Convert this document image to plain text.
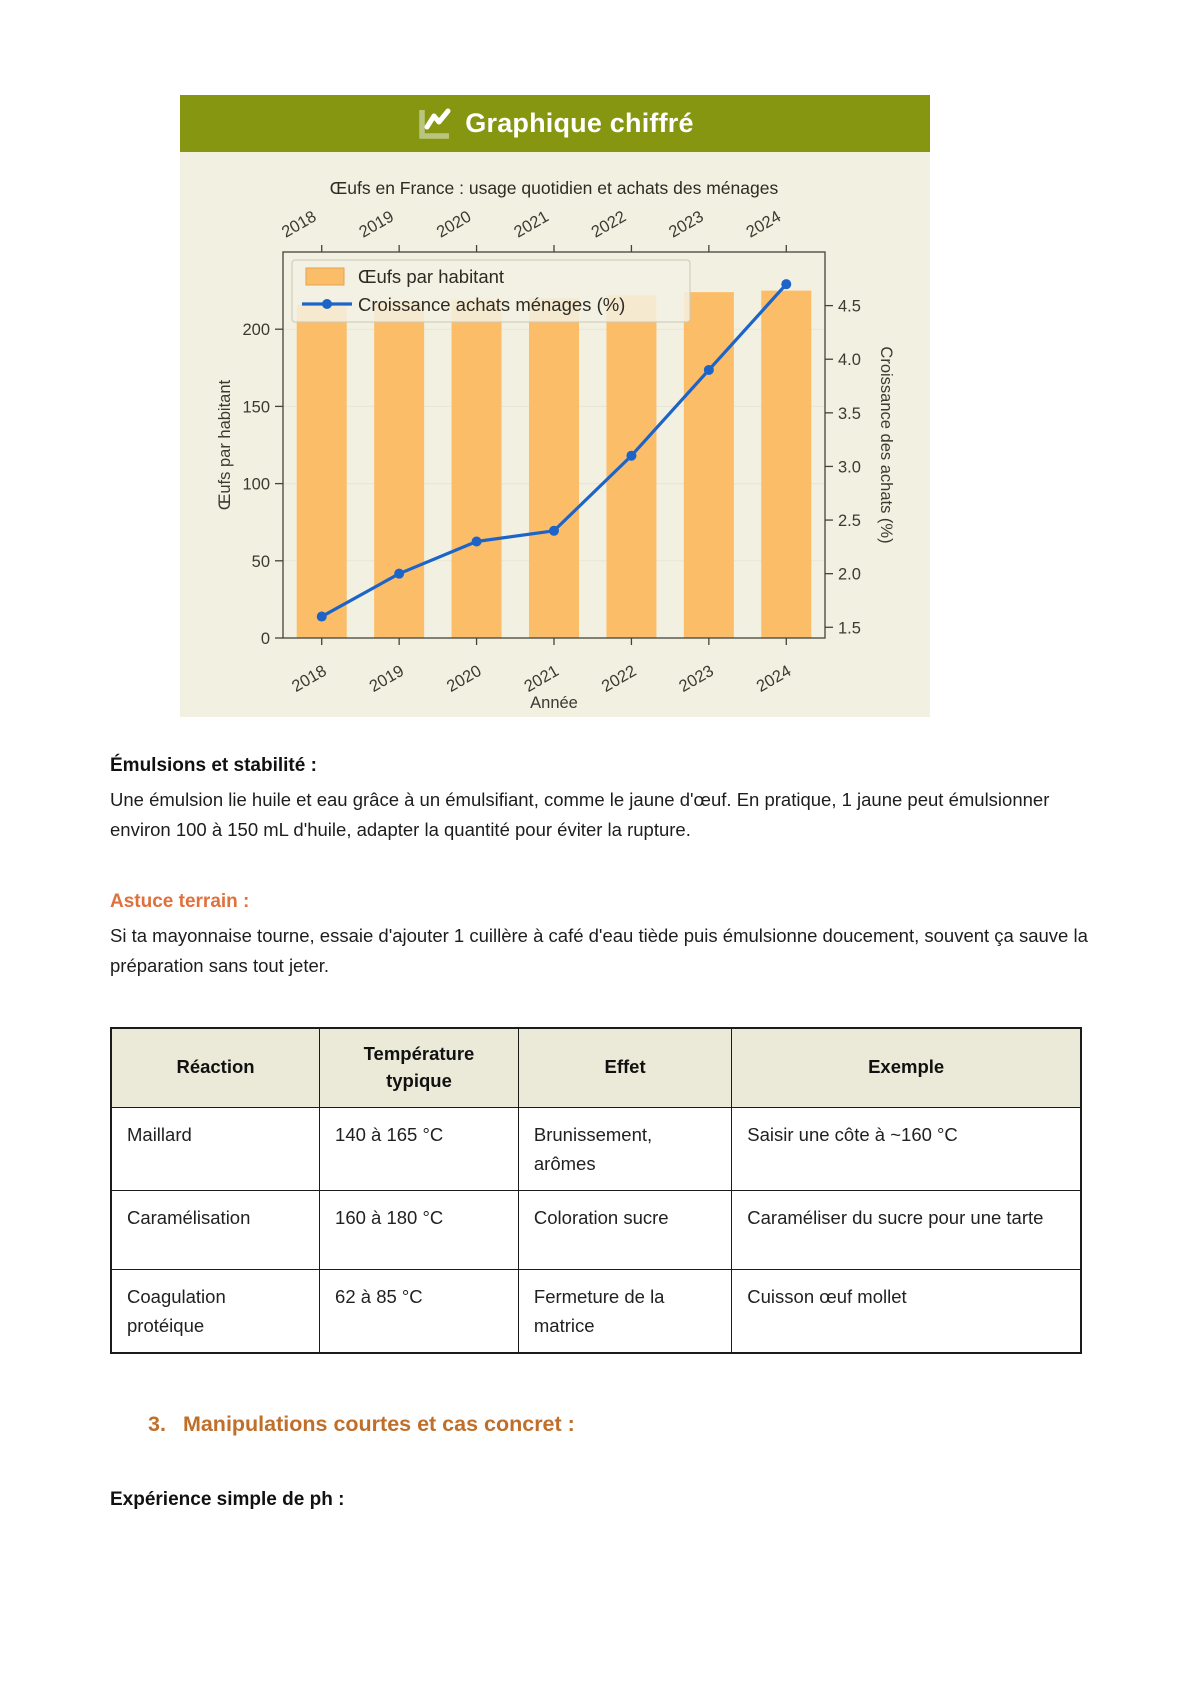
Graphique chiffré
Œufs en France : usage quotidien et achats des ménages
2018
2018
2019
2019
2020
2020
2021
2021
2022
2022
2023
2023
2024
2024
0
50
100
150
200
1.5
2.0
2.5
3.0
3.5
4.0
4.5
Œufs par habitant	Croissance des achats (%)
Année
Œufs par habitant
Croissance achats ménages (%)

Émulsions et stabilité :

Une émulsion lie huile et eau grâce à un émulsifiant, comme le jaune d'œuf. En pratique, 1 jaune peut émulsionner environ 100 à 150 mL d'huile, adapter la quantité pour éviter la rupture.

Astuce terrain :

Si ta mayonnaise tourne, essaie d'ajouter 1 cuillère à café d'eau tiède puis émulsionne doucement, souvent ça sauve la préparation sans tout jeter.

Réaction	Température typique	Effet	Exemple
Maillard	140 à 165 °C	Brunissement, arômes	Saisir une côte à ~160 °C
Caramélisation	160 à 180 °C	Coloration sucre	Caraméliser du sucre pour une tarte
Coagulation protéique	62 à 85 °C	Fermeture de la matrice	Cuisson œuf mollet
3. Manipulations courtes et cas concret :

Expérience simple de ph :
